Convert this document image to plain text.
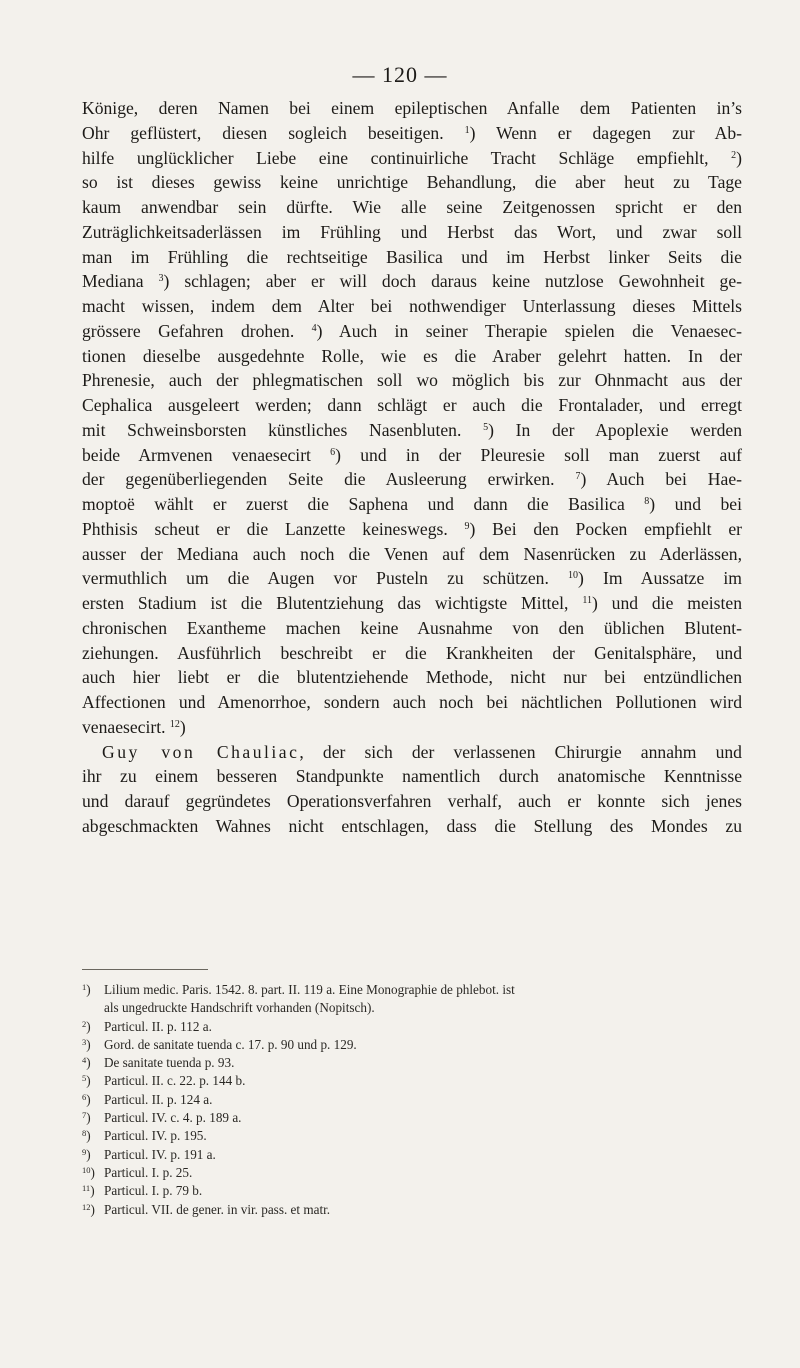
— 120 —
Könige, deren Namen bei einem epileptischen Anfalle dem Patienten in’s
Ohr geflüstert, diesen sogleich beseitigen. $^1$) Wenn er dagegen zur Ab-
hilfe unglücklicher Liebe eine continuirliche Tracht Schläge empfiehlt, $^2$)
so ist dieses gewiss keine unrichtige Behandlung, die aber heut zu Tage
kaum anwendbar sein dürfte. Wie alle seine Zeitgenossen spricht er den
Zuträglichkeitsaderlässen im Frühling und Herbst das Wort, und zwar soll
man im Frühling die rechtseitige Basilica und im Herbst linker Seits die
Mediana $^3$) schlagen; aber er will doch daraus keine nutzlose Gewohnheit ge-
macht wissen, indem dem Alter bei nothwendiger Unterlassung dieses Mittels
grössere Gefahren drohen. $^4$) Auch in seiner Therapie spielen die Venaesec-
tionen dieselbe ausgedehnte Rolle, wie es die Araber gelehrt hatten. In der
Phrenesie, auch der phlegmatischen soll wo möglich bis zur Ohnmacht aus der
Cephalica ausgeleert werden; dann schlägt er auch die Frontalader, und erregt
mit Schweinsborsten künstliches Nasenbluten. $^5$) In der Apoplexie werden
beide Armvenen venaesecirt $^6$) und in der Pleuresie soll man zuerst auf
der gegenüberliegenden Seite die Ausleerung erwirken. $^7$) Auch bei Hae-
moptoë wählt er zuerst die Saphena und dann die Basilica $^8$) und bei
Phthisis scheut er die Lanzette keineswegs. $^9$) Bei den Pocken empfiehlt er
ausser der Mediana auch noch die Venen auf dem Nasenrücken zu Aderlässen,
vermuthlich um die Augen vor Pusteln zu schützen. $^{10}$) Im Aussatze im
ersten Stadium ist die Blutentziehung das wichtigste Mittel, $^{11}$) und die meisten
chronischen Exantheme machen keine Ausnahme von den üblichen Blutent-
ziehungen. Ausführlich beschreibt er die Krankheiten der Genitalsphäre, und
auch hier liebt er die blutentziehende Methode, nicht nur bei entzündlichen
Affectionen und Amenorrhoe, sondern auch noch bei nächtlichen Pollutionen wird
venaesecirt. $^{12}$)
Guy von Chauliac, der sich der verlassenen Chirurgie annahm und
ihr zu einem besseren Standpunkte namentlich durch anatomische Kenntnisse
und darauf gegründetes Operationsverfahren verhalf, auch er konnte sich jenes
abgeschmackten Wahnes nicht entschlagen, dass die Stellung des Mondes zu
$^1$) Lilium medic. Paris. 1542. 8. part. II. 119 a. Eine Monographie de phlebot. ist
als ungedruckte Handschrift vorhanden (Nopitsch).
$^2$) Particul. II. p. 112 a.
$^3$) Gord. de sanitate tuenda c. 17. p. 90 und p. 129.
$^4$) De sanitate tuenda p. 93.
$^5$) Particul. II. c. 22. p. 144 b.
$^6$) Particul. II. p. 124 a.
$^7$) Particul. IV. c. 4. p. 189 a.
$^8$) Particul. IV. p. 195.
$^9$) Particul. IV. p. 191 a.
$^{10}$) Particul. I. p. 25.
$^{11}$) Particul. I. p. 79 b.
$^{12}$) Particul. VII. de gener. in vir. pass. et matr.
